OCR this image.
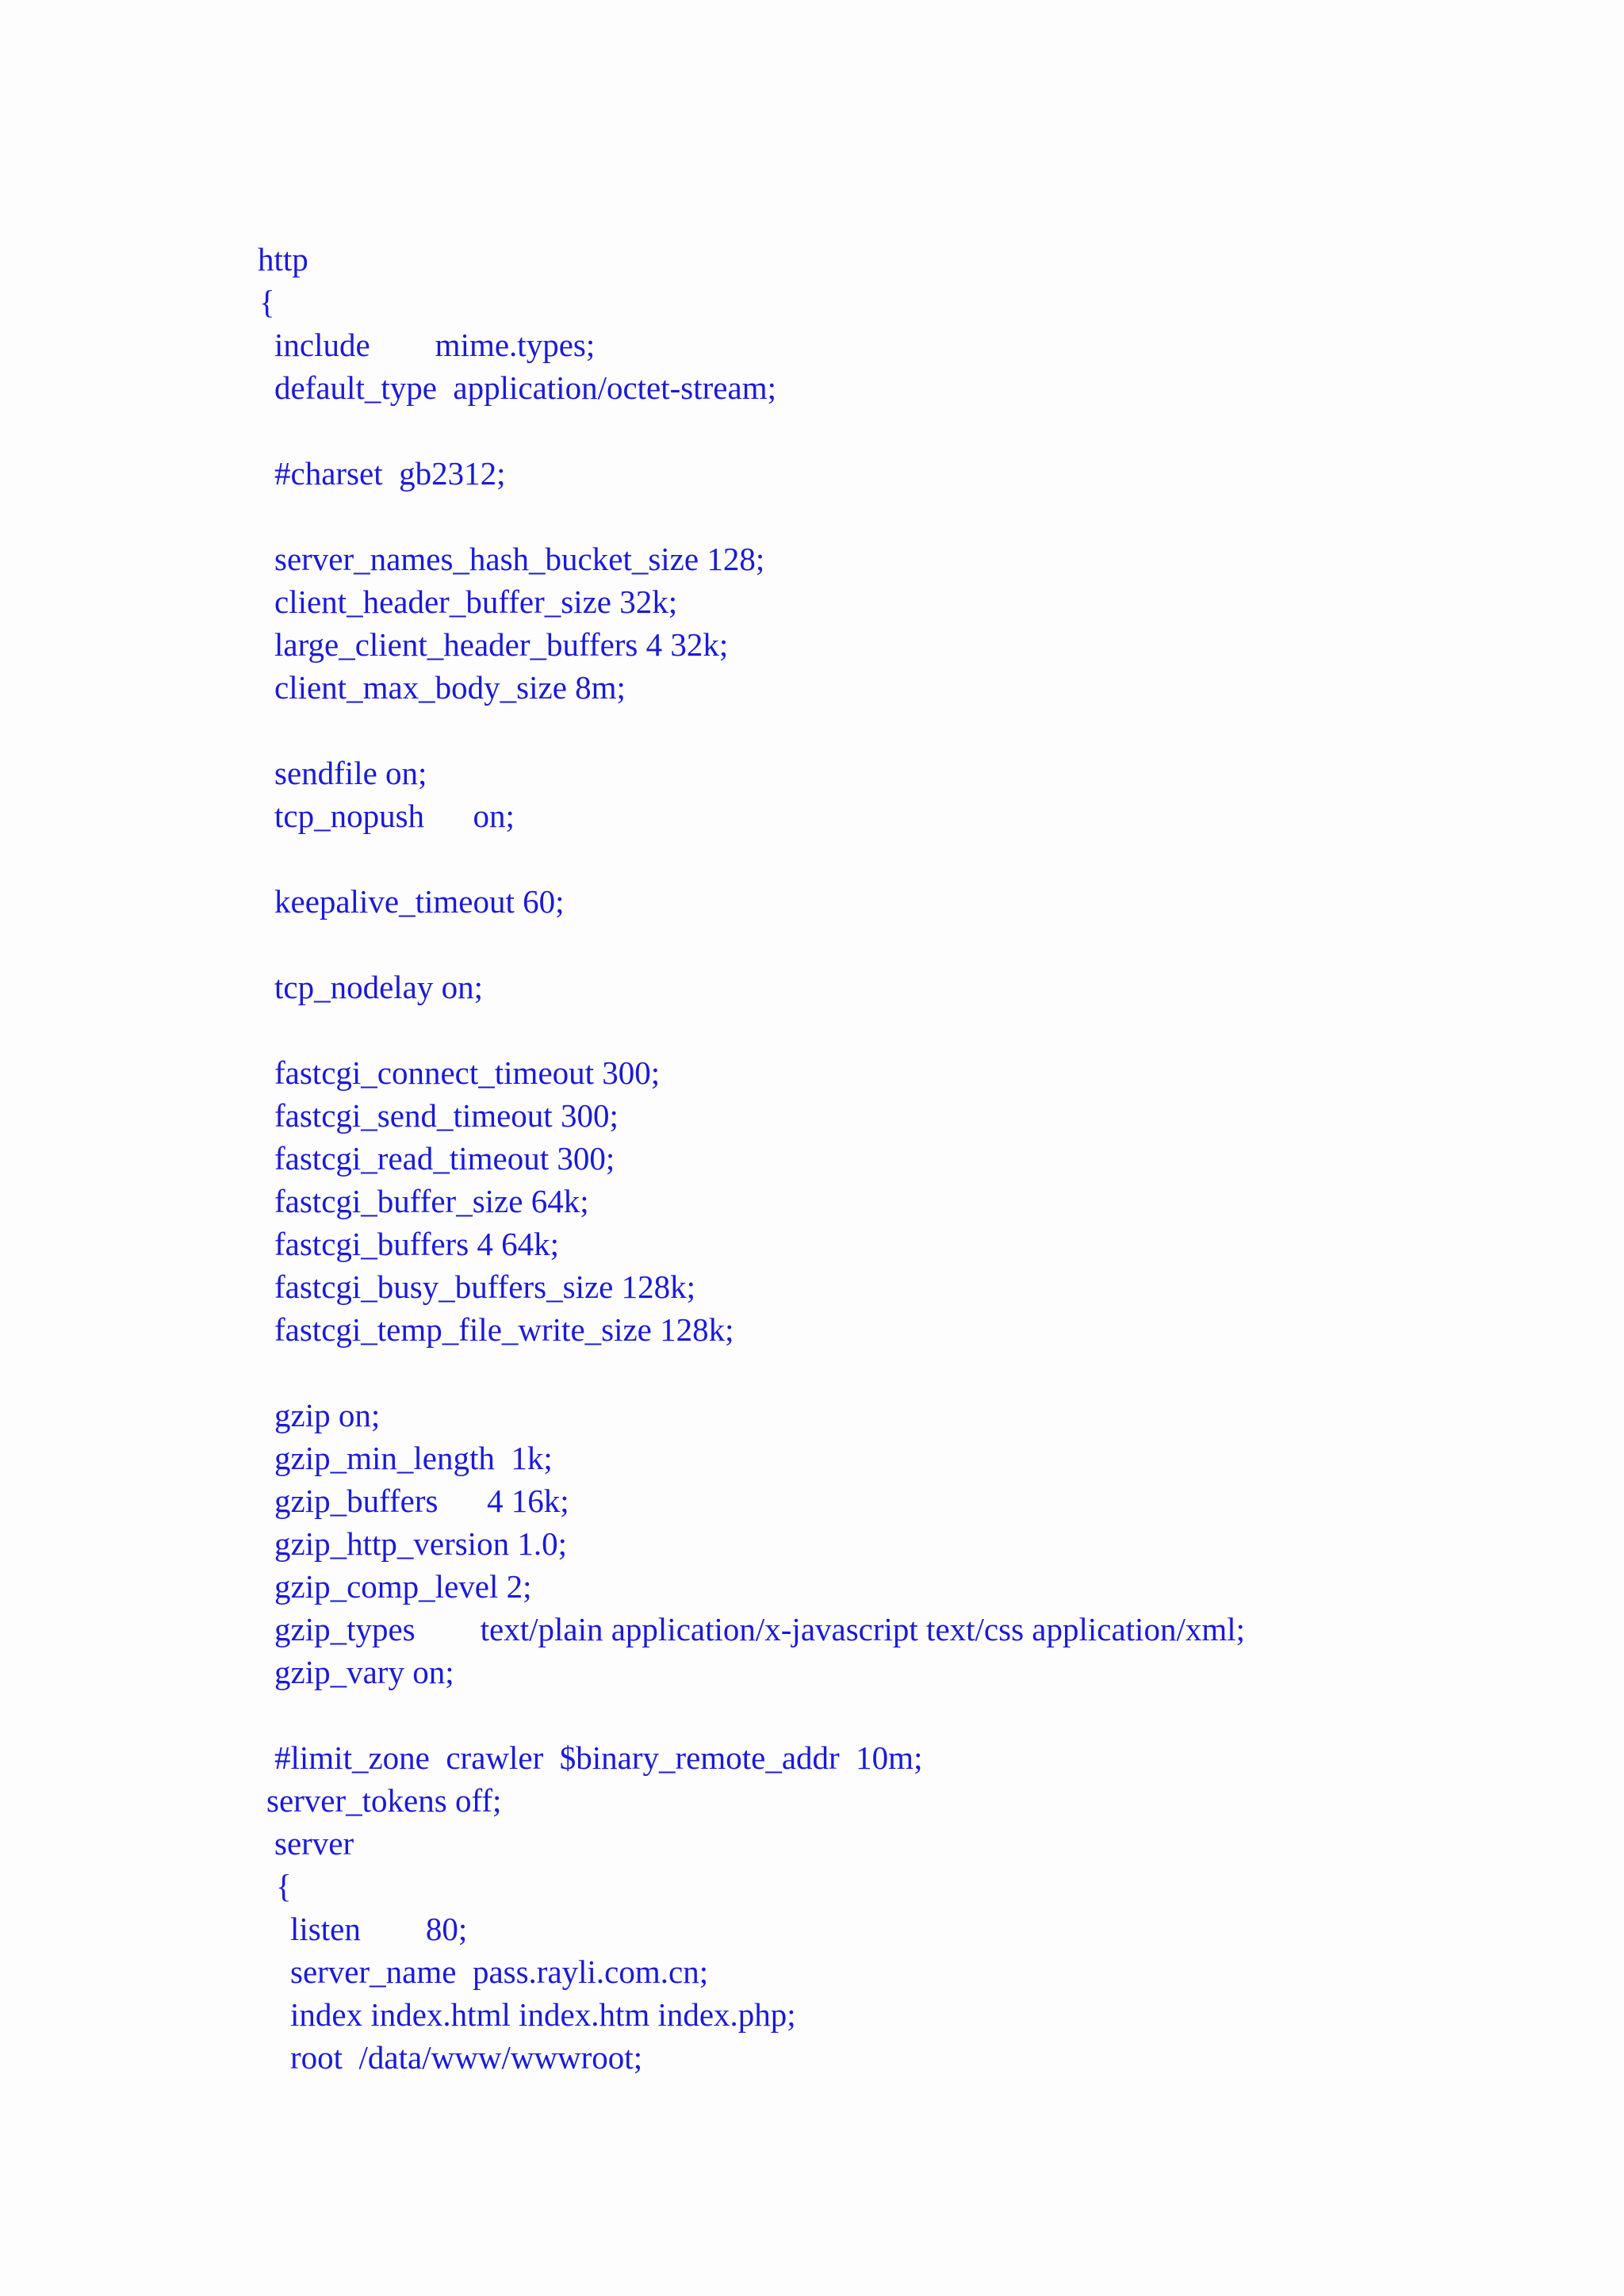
http
{
include        mime.types;
default_type  application/octet-stream;
#charset  gb2312;
server_names_hash_bucket_size 128;
client_header_buffer_size 32k;
large_client_header_buffers 4 32k;
client_max_body_size 8m;
sendfile on;
tcp_nopush      on;
keepalive_timeout 60;
tcp_nodelay on;
fastcgi_connect_timeout 300;
fastcgi_send_timeout 300;
fastcgi_read_timeout 300;
fastcgi_buffer_size 64k;
fastcgi_buffers 4 64k;
fastcgi_busy_buffers_size 128k;
fastcgi_temp_file_write_size 128k;
gzip on;
gzip_min_length  1k;
gzip_buffers      4 16k;
gzip_http_version 1.0;
gzip_comp_level 2;
gzip_types        text/plain application/x-javascript text/css application/xml;
gzip_vary on;
#limit_zone  crawler  $binary_remote_addr  10m;
server_tokens off;
server
{
listen        80;
server_name  pass.rayli.com.cn;
index index.html index.htm index.php;
root  /data/www/wwwroot;
